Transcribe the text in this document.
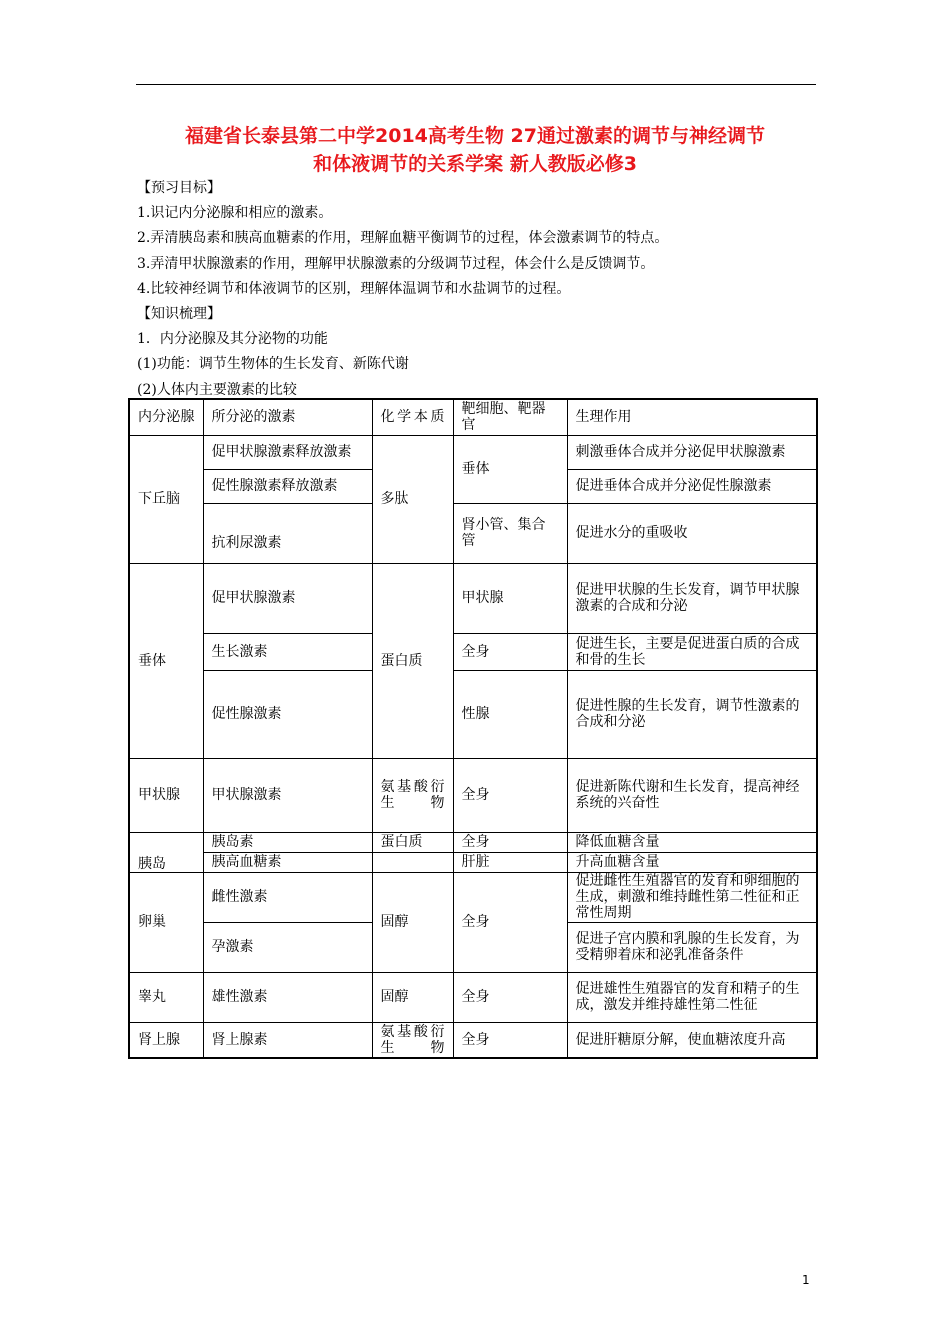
福建省长泰县第二中学2014高考生物 27通过激素的调节与神经调节
和体液调节的关系学案 新人教版必修3
【预习目标】
1.识记内分泌腺和相应的激素。
2.弄清胰岛素和胰高血糖素的作用，理解血糖平衡调节的过程，体会激素调节的特点。
3.弄清甲状腺激素的作用，理解甲状腺激素的分级调节过程，体会什么是反馈调节。
4.比较神经调节和体液调节的区别，理解体温调节和水盐调节的过程。
【知识梳理】
1．内分泌腺及其分泌物的功能
(1)功能：调节生物体的生长发育、新陈代谢
(2)人体内主要激素的比较
内分泌腺	所分泌的激素	化学本质	靶细胞、靶器官	生理作用
下丘脑	促甲状腺激素释放激素	多肽	垂体	刺激垂体合成并分泌促甲状腺激素
	促性腺激素释放激素			促进垂体合成并分泌促性腺激素
	抗利尿激素		肾小管、集合管	促进水分的重吸收
垂体	促甲状腺激素	蛋白质	甲状腺	促进甲状腺的生长发育，调节甲状腺激素的合成和分泌
	生长激素		全身	促进生长，主要是促进蛋白质的合成和骨的生长
	促性腺激素		性腺	促进性腺的生长发育，调节性激素的合成和分泌
甲状腺	甲状腺激素	氨基酸衍生物	全身	促进新陈代谢和生长发育，提高神经系统的兴奋性
胰岛	胰岛素	蛋白质	全身	降低血糖含量
	胰高血糖素		肝脏	升高血糖含量
卵巢	雌性激素	固醇	全身	促进雌性生殖器官的发育和卵细胞的生成，刺激和维持雌性第二性征和正常性周期
	孕激素			促进子宫内膜和乳腺的生长发育，为受精卵着床和泌乳准备条件
睾丸	雄性激素	固醇	全身	促进雄性生殖器官的发育和精子的生成，激发并维持雄性第二性征
肾上腺	肾上腺素	氨基酸衍生物	全身	促进肝糖原分解，使血糖浓度升高
1
